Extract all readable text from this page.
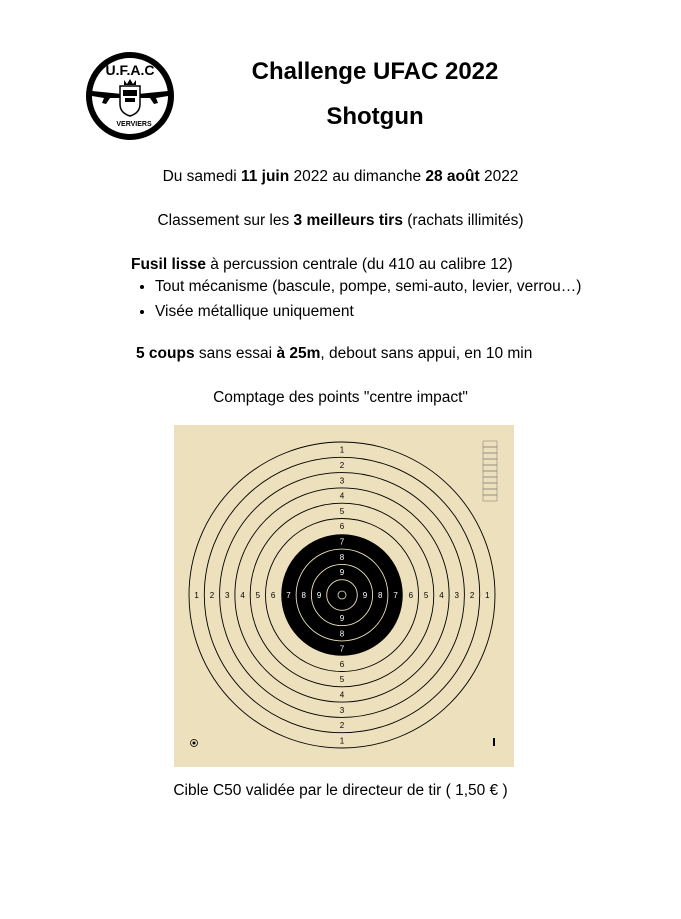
U.F.A.C
VERVIERS
Challenge UFAC 2022
Shotgun
Du samedi 11 juin 2022 au dimanche 28 août 2022
Classement sur les 3 meilleurs tirs (rachats illimités)
Fusil lisse à percussion centrale (du 410 au calibre 12)
• Tout mécanisme (bascule, pompe, semi-auto, levier, verrou…)
• Visée métallique uniquement
5 coups sans essai à 25m, debout sans appui, en 10 min
Comptage des points "centre impact"
1
1
1	1
2
2
2	2
3
3
3	3
4
4
4	4
5
5
5	5
6
6
6	6
7
7
7	7
8
8
8	8
9
9
9	9
Cible C50 validée par le directeur de tir ( 1,50 € )
